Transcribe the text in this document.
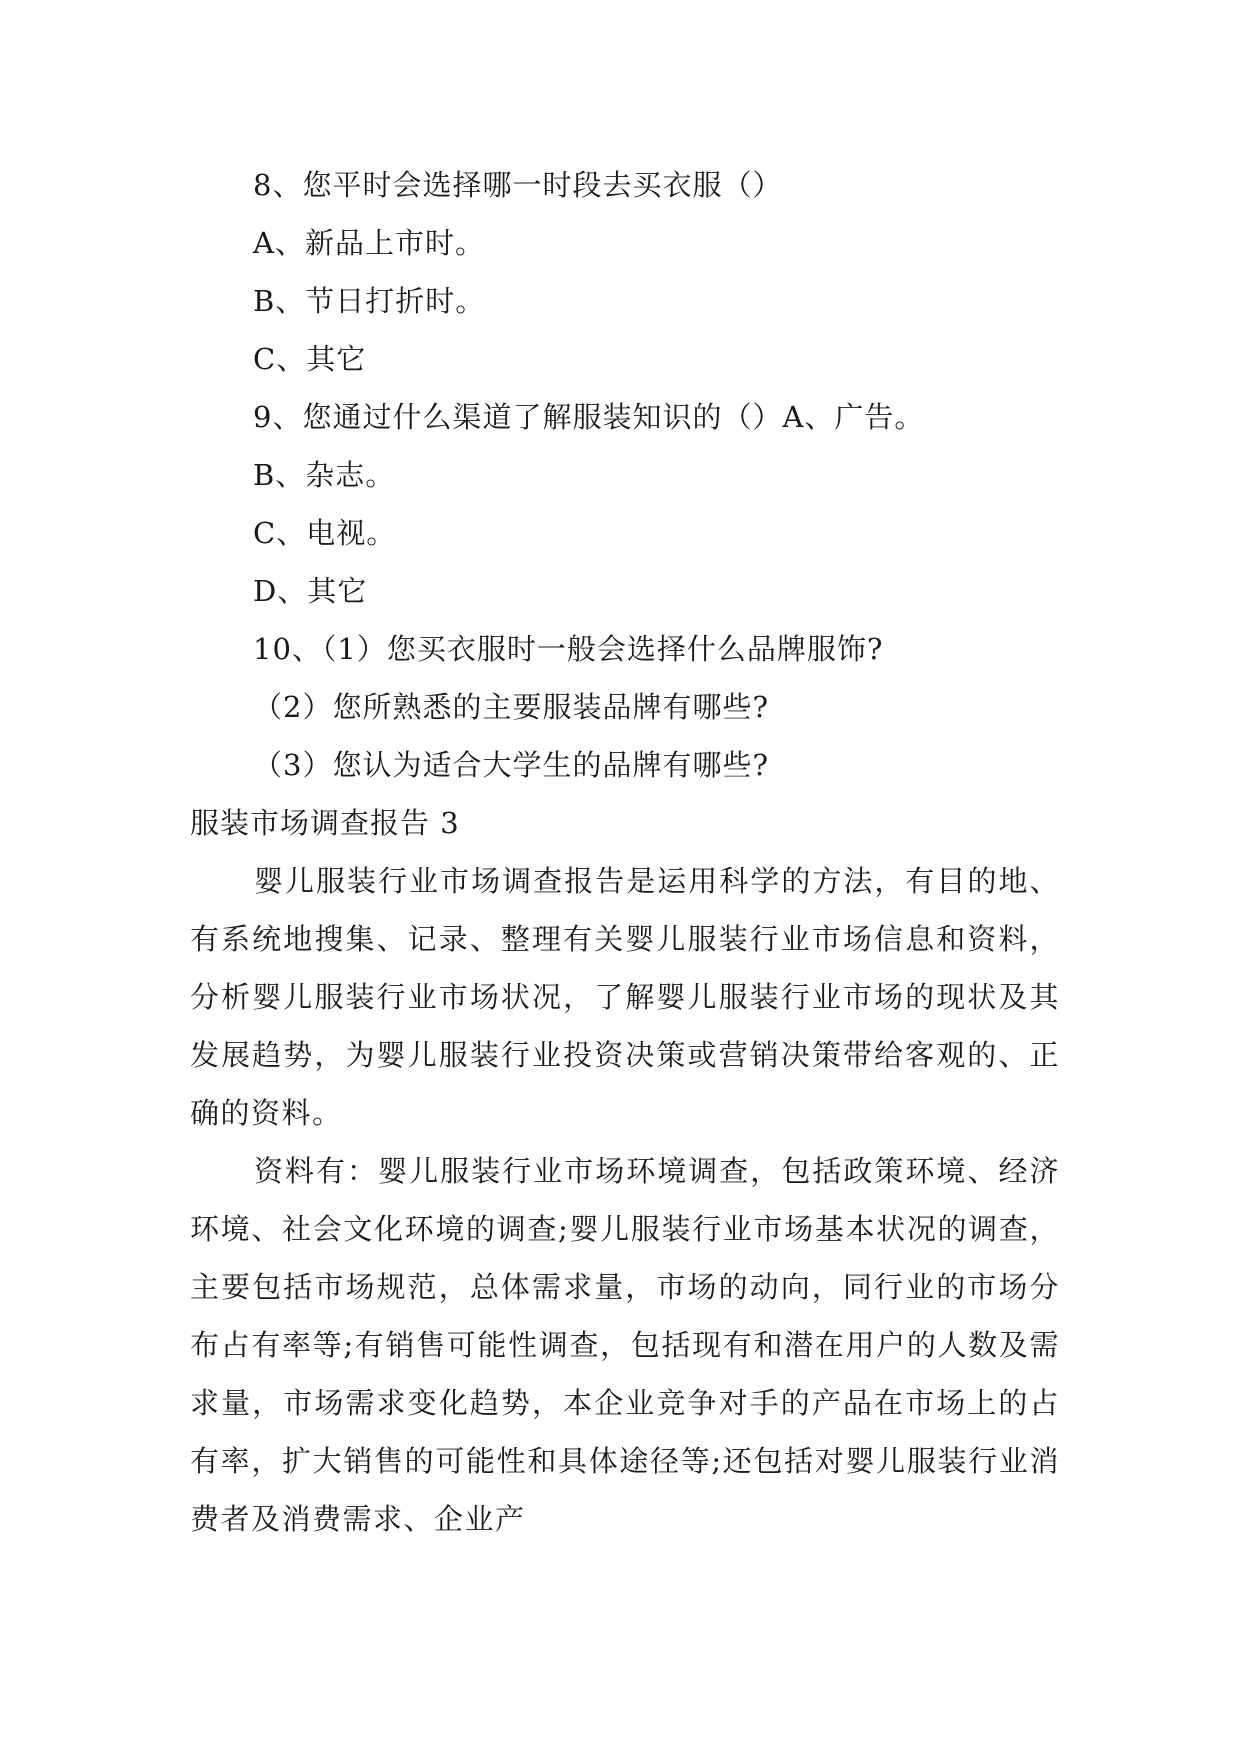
8、您平时会选择哪一时段去买衣服（）
A、新品上市时。
B、节日打折时。
C、其它
9、您通过什么渠道了解服装知识的（）A、广告。
B、杂志。
C、电视。
D、其它
10、（1）您买衣服时一般会选择什么品牌服饰?
（2）您所熟悉的主要服装品牌有哪些?
（3）您认为适合大学生的品牌有哪些?
服装市场调查报告 3
婴儿服装行业市场调查报告是运用科学的方法，有目的地、有系统地搜集、记录、整理有关婴儿服装行业市场信息和资料，分析婴儿服装行业市场状况，了解婴儿服装行业市场的现状及其发展趋势，为婴儿服装行业投资决策或营销决策带给客观的、正确的资料。
资料有：婴儿服装行业市场环境调查，包括政策环境、经济环境、社会文化环境的调查;婴儿服装行业市场基本状况的调查，主要包括市场规范，总体需求量，市场的动向，同行业的市场分布占有率等;有销售可能性调查，包括现有和潜在用户的人数及需求量，市场需求变化趋势，本企业竞争对手的产品在市场上的占有率，扩大销售的可能性和具体途径等;还包括对婴儿服装行业消费者及消费需求、企业产
